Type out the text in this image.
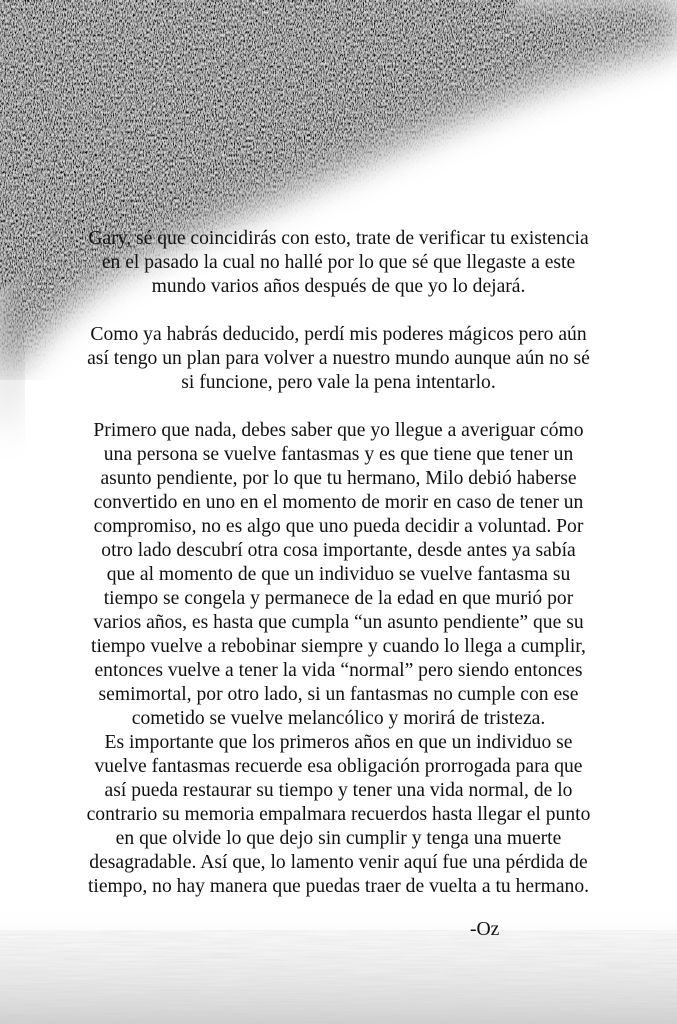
Gary, sé que coincidirás con esto, trate de verificar tu existencia
en el pasado la cual no hallé por lo que sé que llegaste a este
mundo varios años después de que yo lo dejará.

Como ya habrás deducido, perdí mis poderes mágicos pero aún
así tengo un plan para volver a nuestro mundo aunque aún no sé
si funcione, pero vale la pena intentarlo.

Primero que nada, debes saber que yo llegue a averiguar cómo
una persona se vuelve fantasmas y es que tiene que tener un
asunto pendiente, por lo que tu hermano, Milo debió haberse
convertido en uno en el momento de morir en caso de tener un
compromiso, no es algo que uno pueda decidir a voluntad. Por
otro lado descubrí otra cosa importante, desde antes ya sabía
que al momento de que un individuo se vuelve fantasma su
tiempo se congela y permanece de la edad en que murió por
varios años, es hasta que cumpla “un asunto pendiente” que su
tiempo vuelve a rebobinar siempre y cuando lo llega a cumplir,
entonces vuelve a tener la vida “normal” pero siendo entonces
semimortal, por otro lado, si un fantasmas no cumple con ese
cometido se vuelve melancólico y morirá de tristeza.

Es importante que los primeros años en que un individuo se
vuelve fantasmas recuerde esa obligación prorrogada para que
así pueda restaurar su tiempo y tener una vida normal, de lo
contrario su memoria empalmara recuerdos hasta llegar el punto
en que olvide lo que dejo sin cumplir y tenga una muerte
desagradable. Así que, lo lamento venir aquí fue una pérdida de
tiempo, no hay manera que puedas traer de vuelta a tu hermano.

-Oz
